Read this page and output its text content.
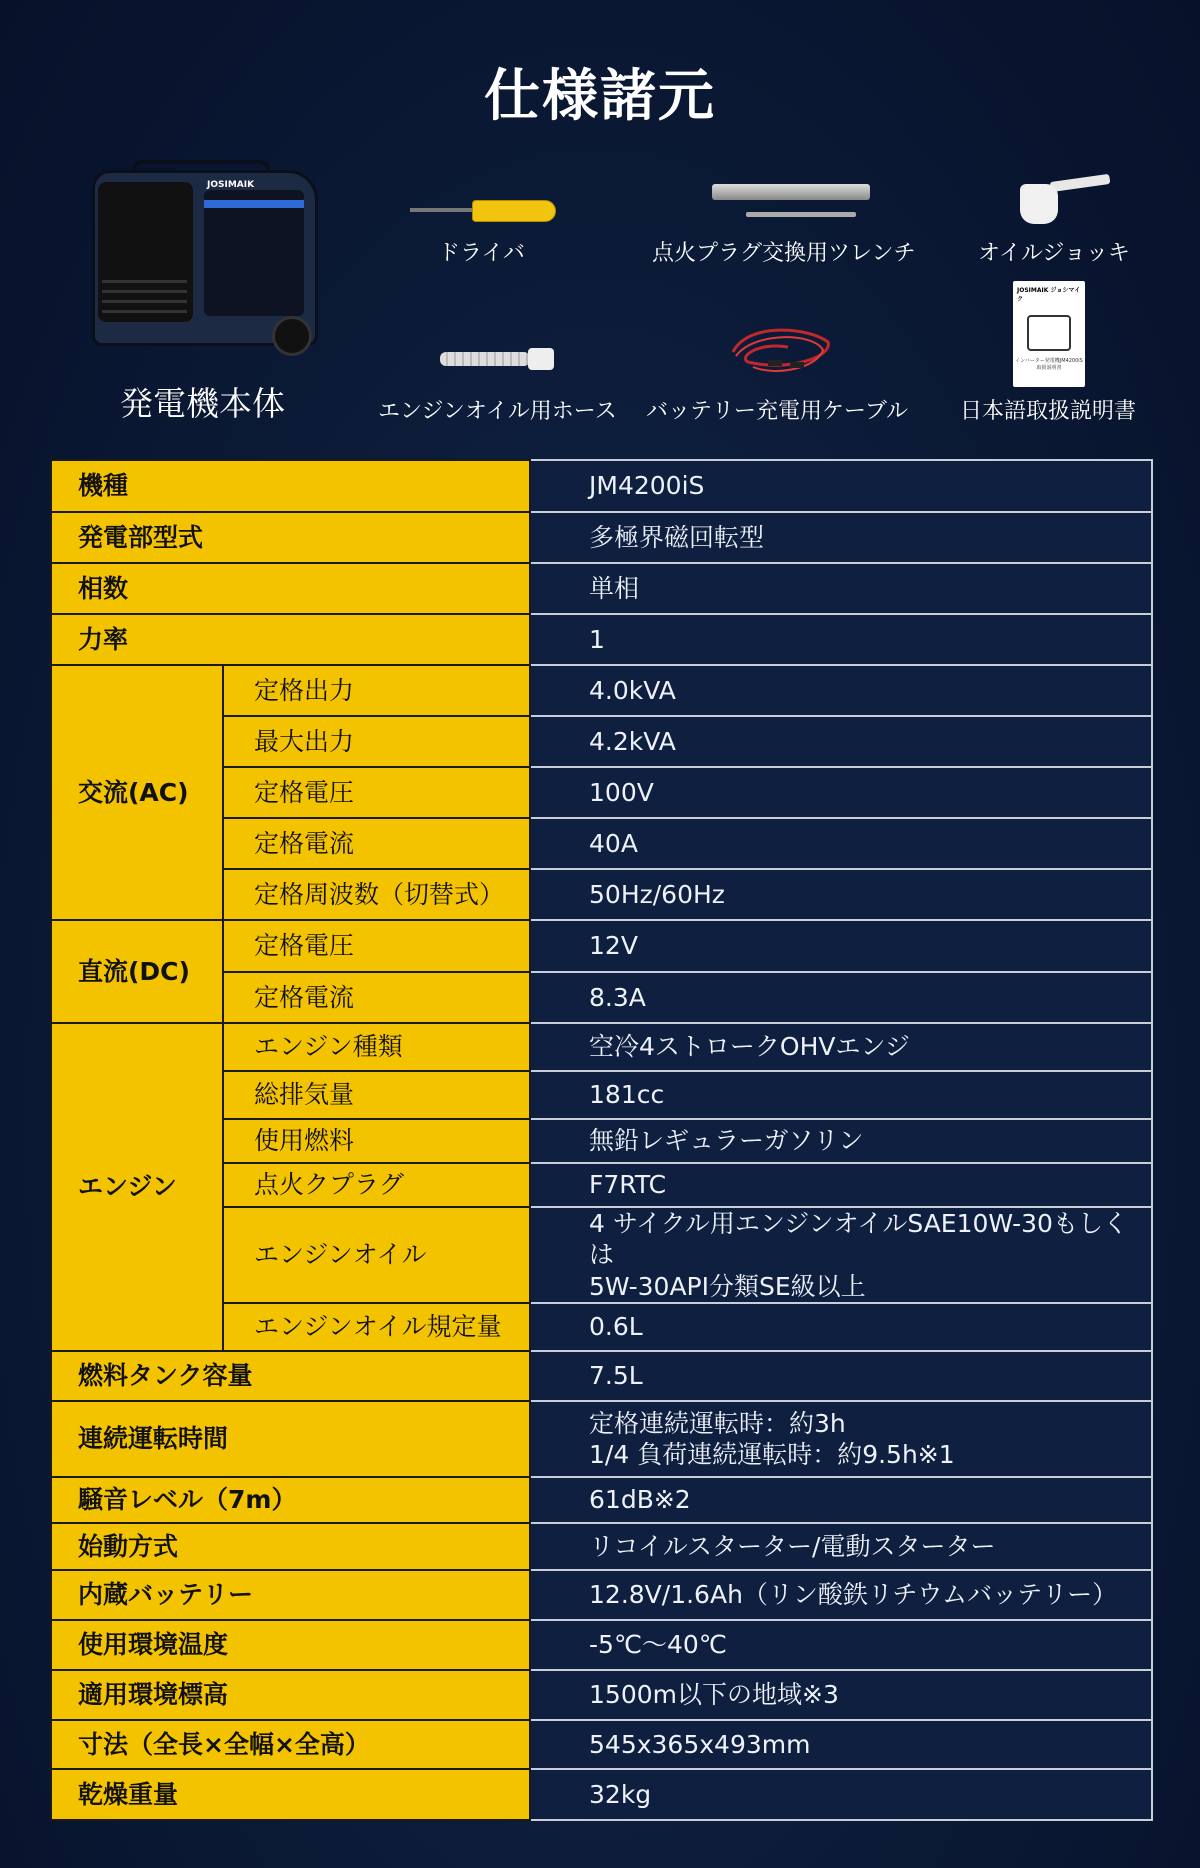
仕様諸元
JOSIMAIK
発電機本体
ドライバ	点火プラグ交換用ツレンチ	オイルジョッキ
エンジンオイル用ホース バッテリー充電用ケーブル
JOSIMAIK ジョシマイク
インバーター発電機JM4200iS 取扱説明書
日本語取扱説明書
機種		JM4200iS
発電部型式		多極界磁回転型
相数		単相
力率		1
交流(AC)	定格出力	4.0kVA
	最大出力	4.2kVA
	定格電圧	100V
	定格電流	40A
	定格周波数（切替式）	50Hz/60Hz
直流(DC)	定格電圧	12V
	定格電流	8.3A
エンジン	エンジン種類	空冷4ストロークOHVエンジ
	総排気量	181cc
	使用燃料	無鉛レギュラーガソリン
	点火クプラグ	F7RTC
	エンジンオイル	4 サイクル用エンジンオイルSAE10W-30もしくは
5W-30API分類SE級以上

	エンジンオイル規定量	0.6L
燃料タンク容量		7.5L
連続運転時間		定格連続運転時：約3h
1/4 負荷連続運転時：約9.5h※1

騒音レベル（7m）		61dB※2
始動方式		リコイルスターター/電動スターター
内蔵バッテリー		12.8V/1.6Ah（リン酸鉄リチウムバッテリー）
使用環境温度		-5℃～40℃
適用環境標高		1500m以下の地域※3
寸法（全長×全幅×全高）		545x365x493mm
乾燥重量		32kg
